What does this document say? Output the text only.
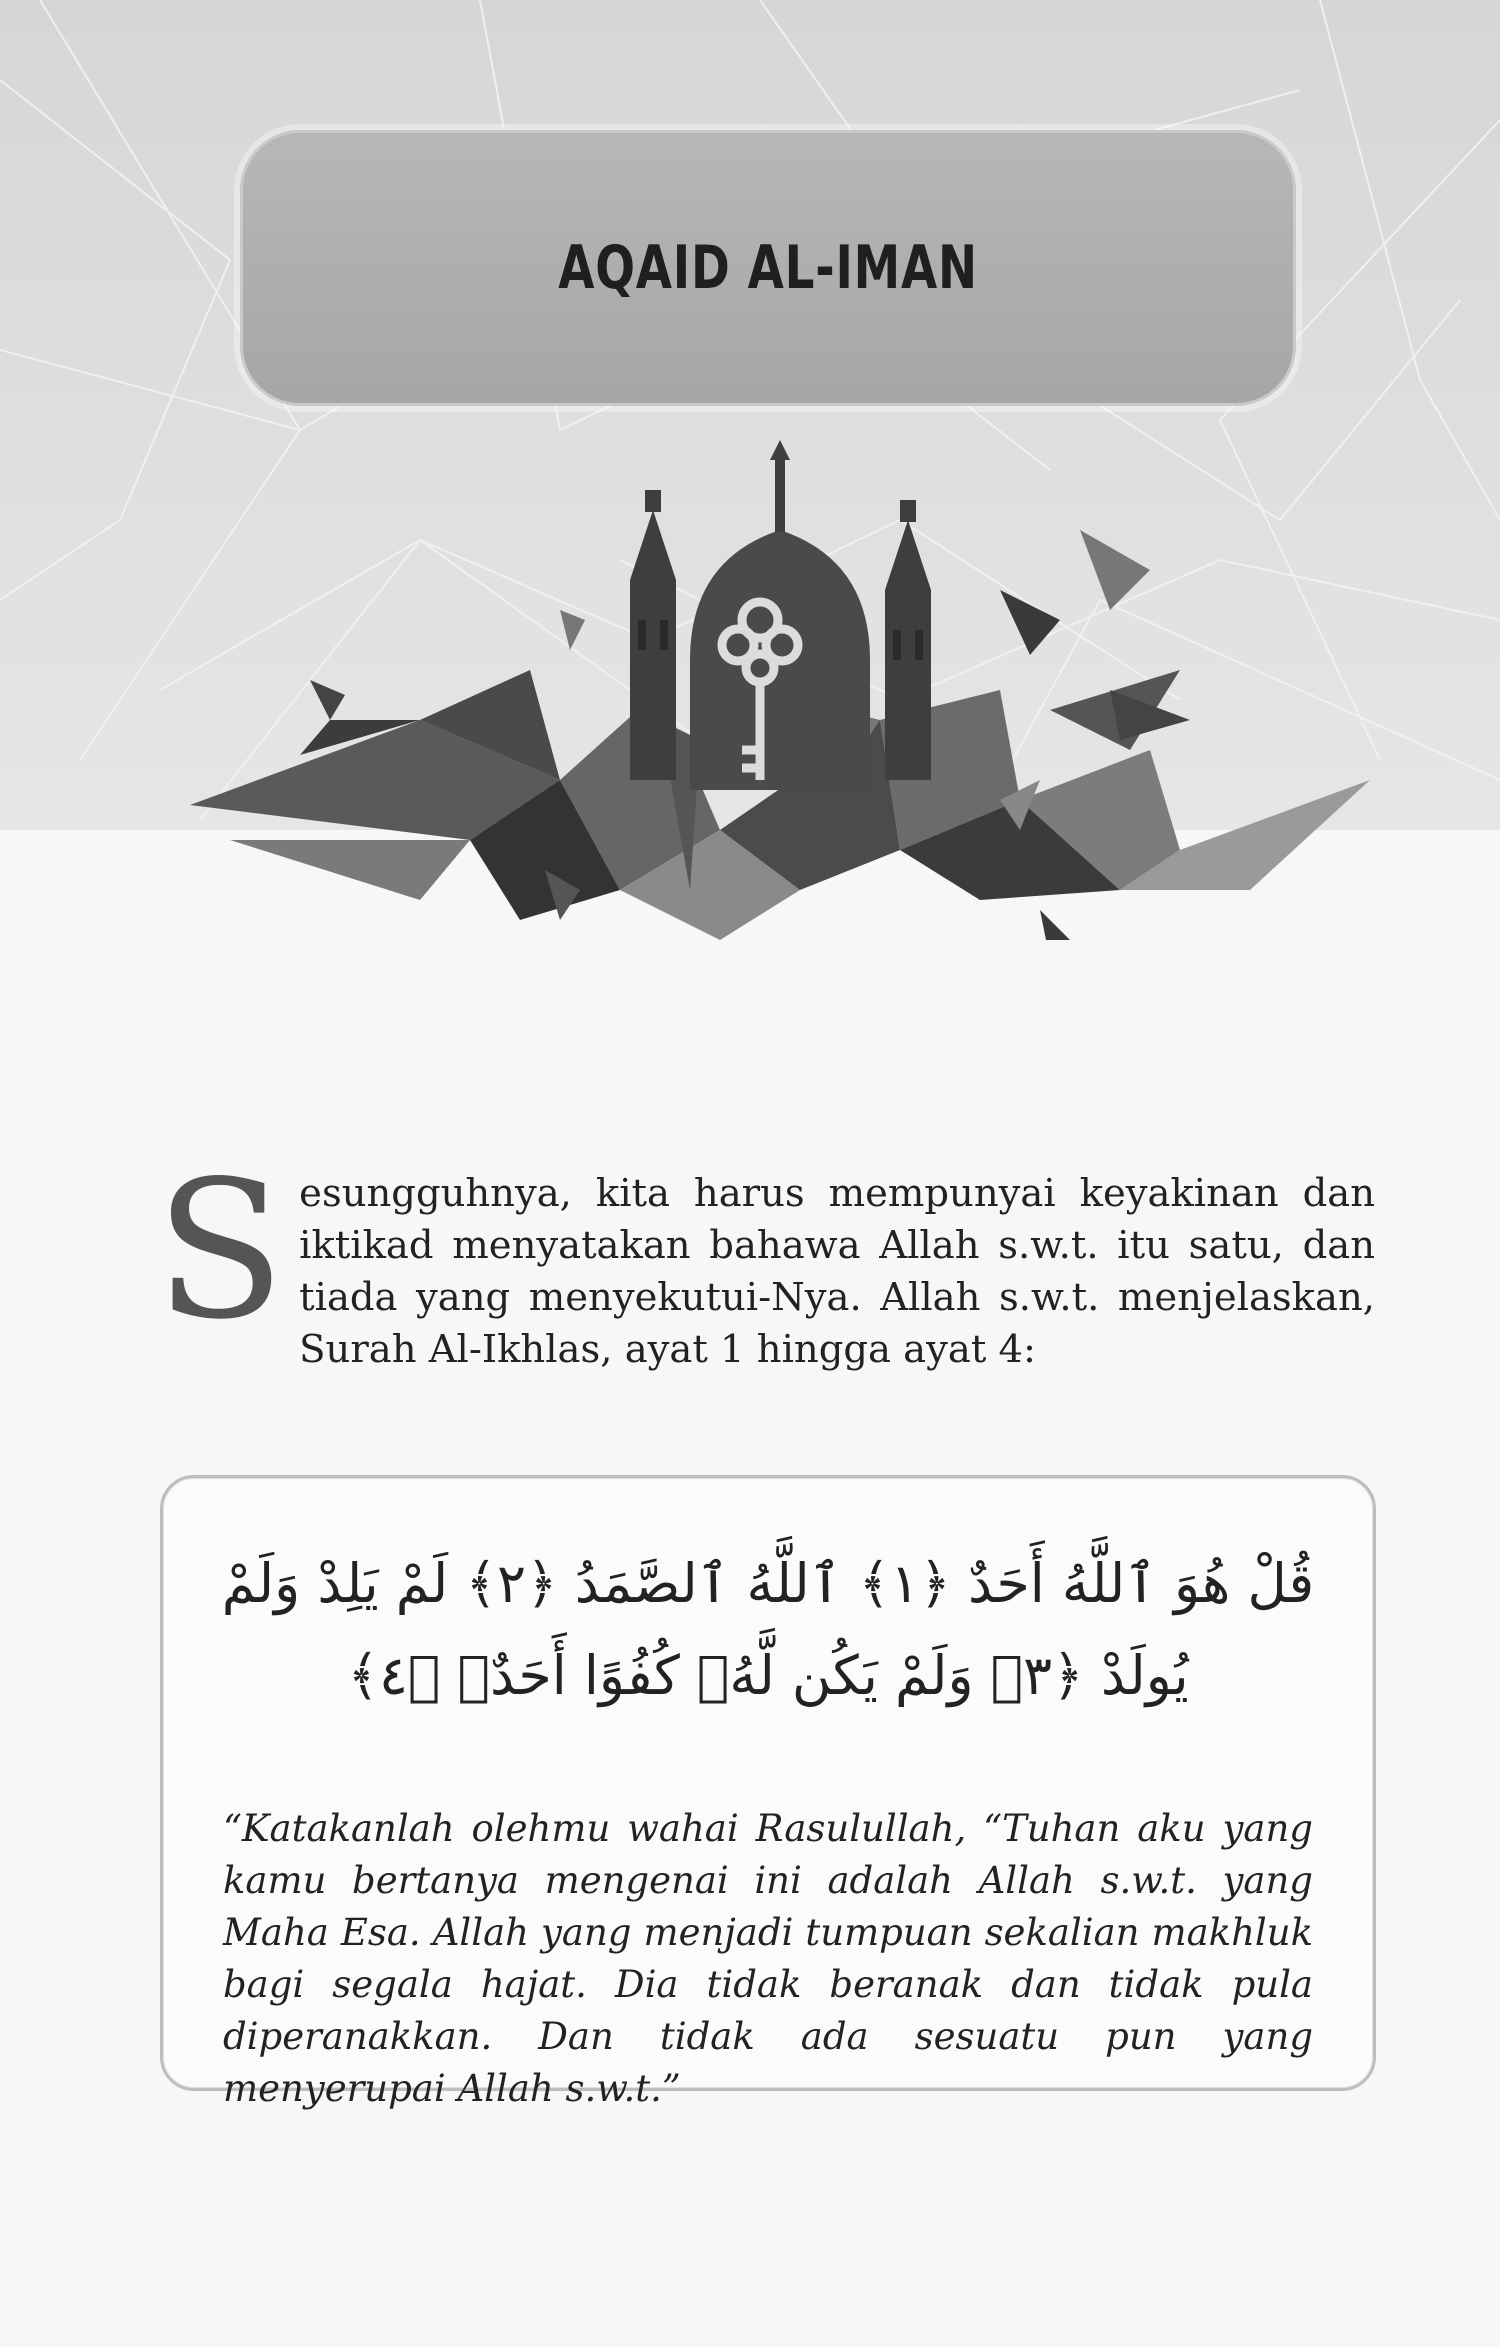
AQAID AL-IMAN
S esungguhnya, kita harus mempunyai keyakinan dan iktikad menyatakan bahawa Allah s.w.t. itu satu, dan tiada yang menyekutui-Nya. Allah s.w.t. menjelaskan, Surah Al-Ikhlas, ayat 1 hingga ayat 4:
قُلْ هُوَ ٱللَّهُ أَحَدٌ ﴿١﴾ ٱللَّهُ ٱلصَّمَدُ ﴿٢﴾ لَمْ يَلِدْ وَلَمْ يُولَدْ ﴿٣﴾ وَلَمْ يَكُن لَّهُۥ كُفُوًا أَحَدٌۢ ﴿٤﴾
“Katakanlah olehmu wahai Rasulullah, “Tuhan aku yang kamu bertanya mengenai ini adalah Allah s.w.t. yang Maha Esa. Allah yang menjadi tumpuan sekalian makhluk bagi segala hajat. Dia tidak beranak dan tidak pula diperanakkan. Dan tidak ada sesuatu pun yang menyerupai Allah s.w.t.”
